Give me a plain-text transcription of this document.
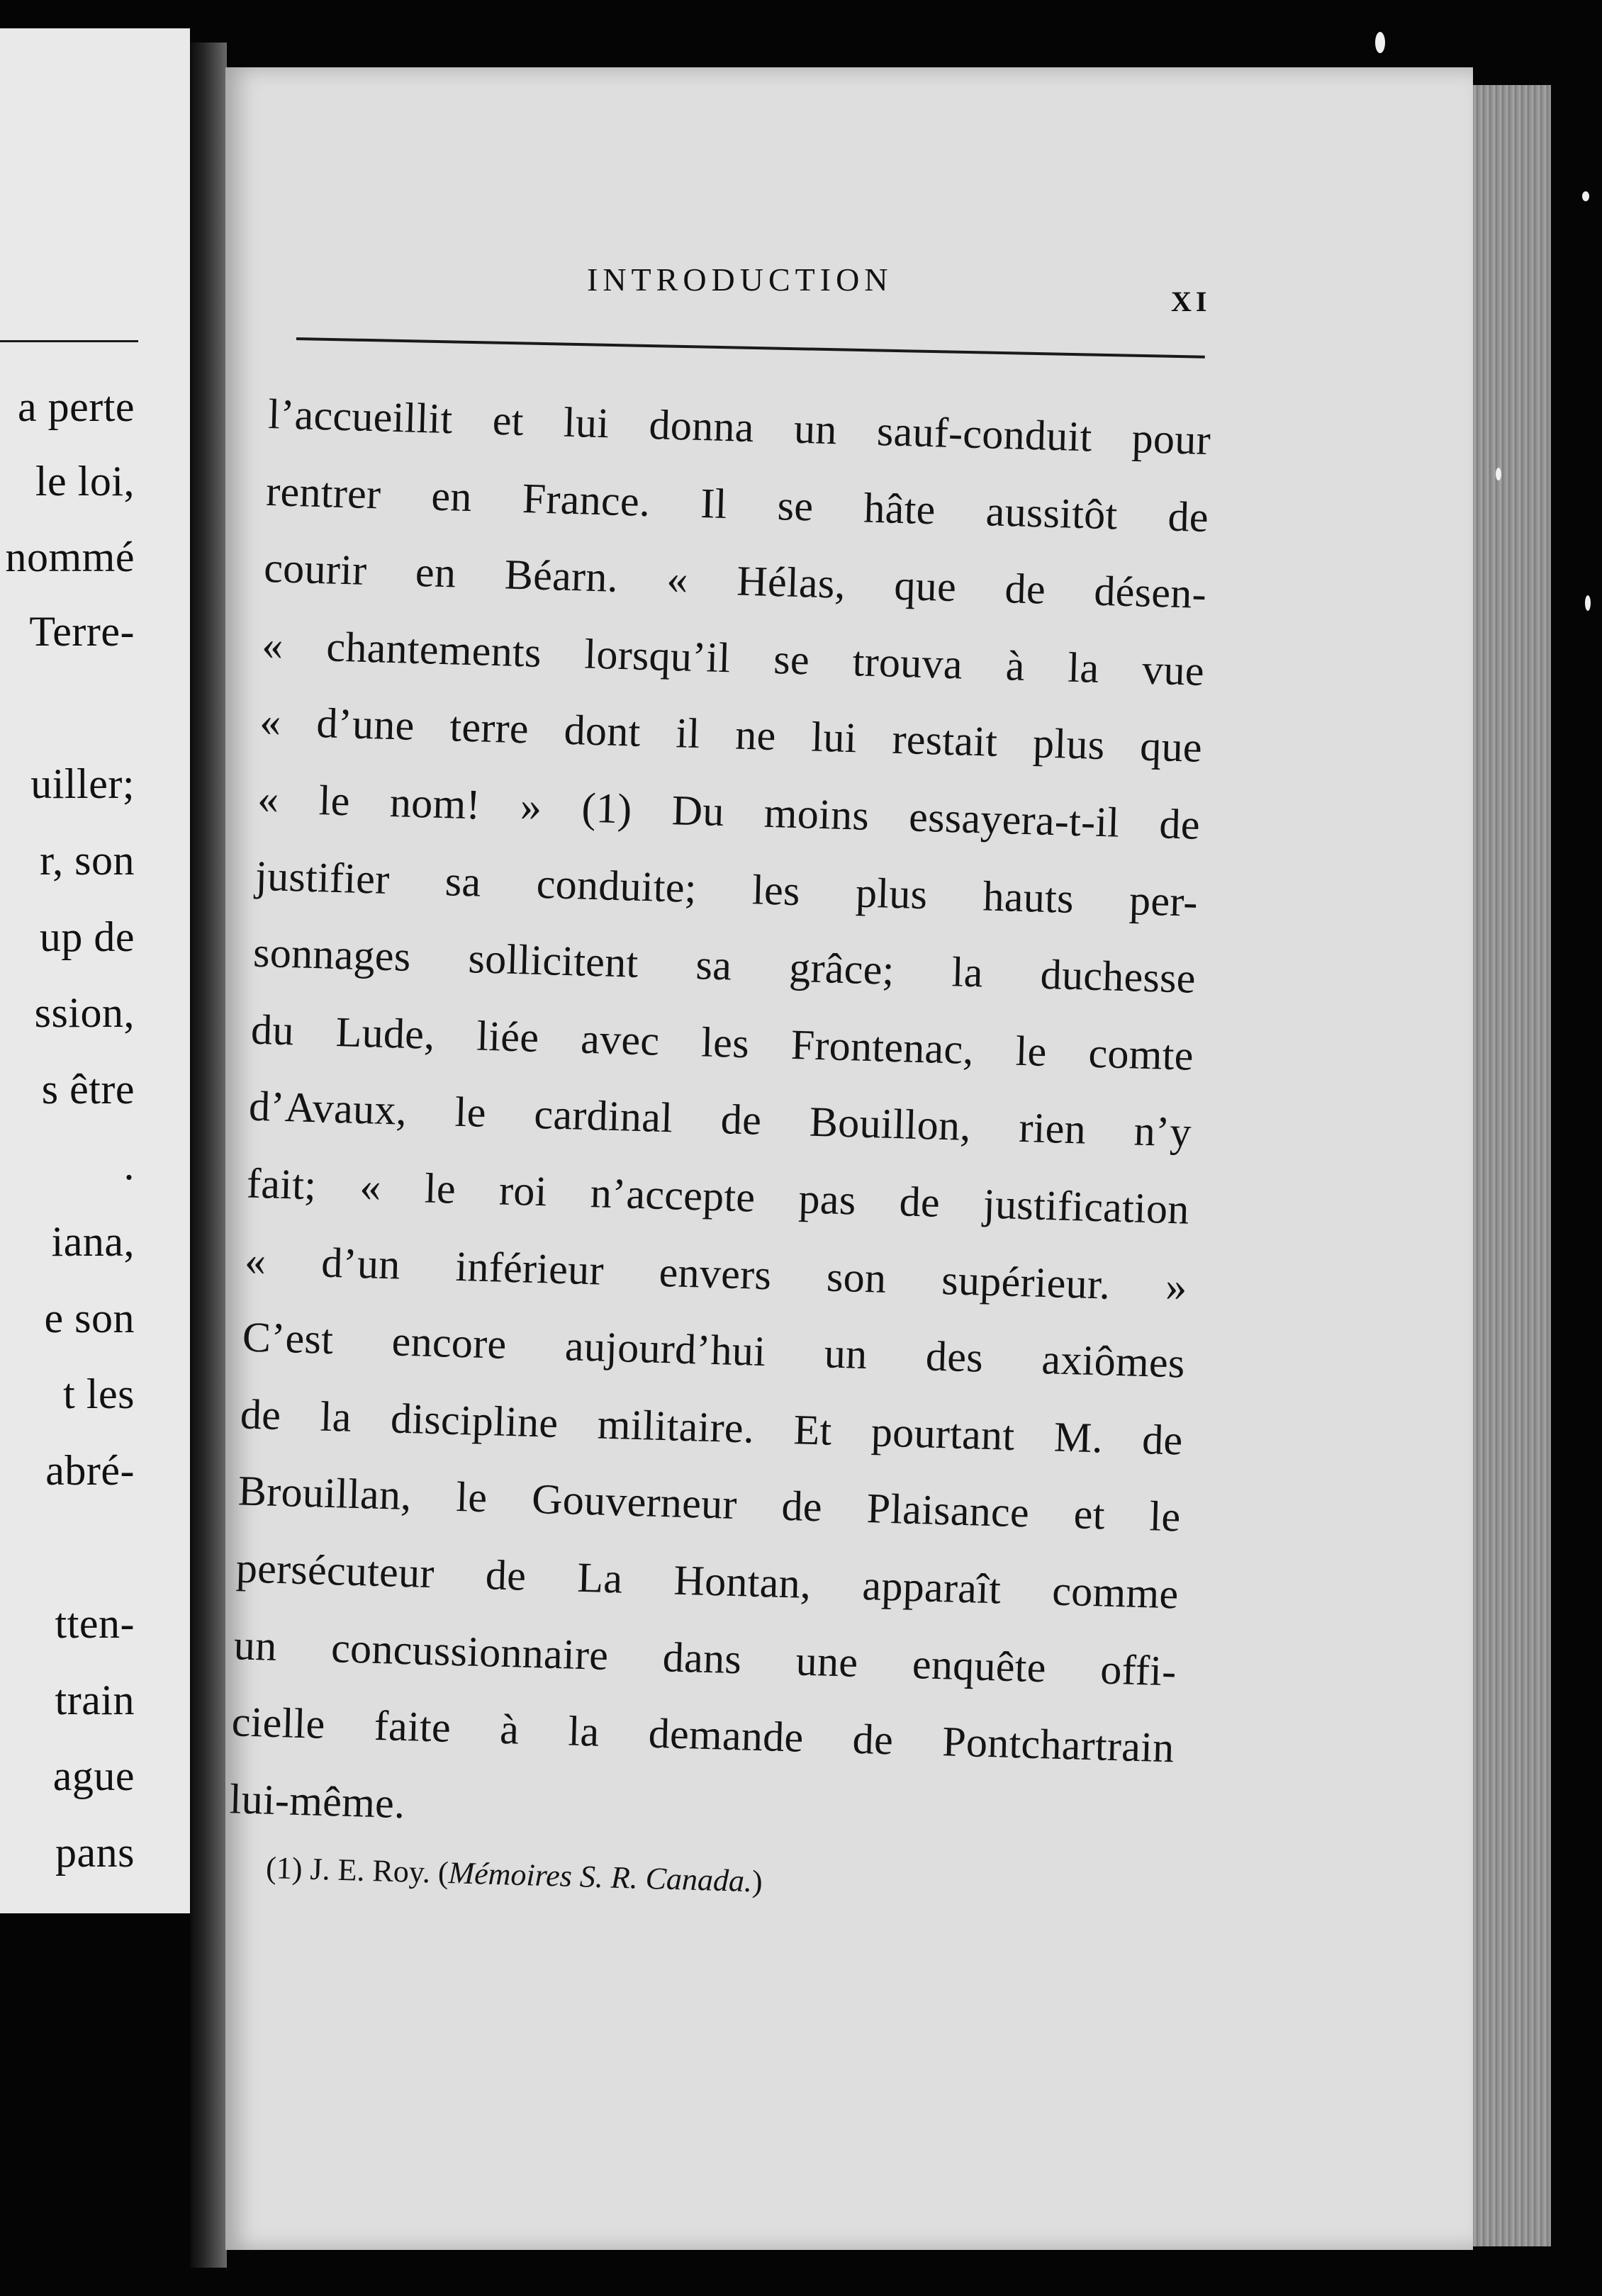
a perte
le loi,
nommé
Terre-
uiller;
r, son
up de
ssion,
s être
.
iana,
e son
t les
abré-
tten-
train
ague
pans
INTRODUCTION
XI
l’accueillit et lui donna un sauf-conduit pour
rentrer en France. Il se hâte aussitôt de
courir en Béarn. « Hélas, que de désen-
« chantements lorsqu’il se trouva à la vue
« d’une terre dont il ne lui restait plus que
« le nom! » (1) Du moins essayera-t-il de
justifier sa conduite; les plus hauts per-
sonnages sollicitent sa grâce; la duchesse
du Lude, liée avec les Frontenac, le comte
d’Avaux, le cardinal de Bouillon, rien n’y
fait; « le roi n’accepte pas de justification
« d’un inférieur envers son supérieur. »
C’est encore aujourd’hui un des axiômes
de la discipline militaire. Et pourtant M. de
Brouillan, le Gouverneur de Plaisance et le
persécuteur de La Hontan, apparaît comme
un concussionnaire dans une enquête offi-
cielle faite à la demande de Pontchartrain
lui-même.
(1) J. E. Roy. (Mémoires S. R. Canada.)
